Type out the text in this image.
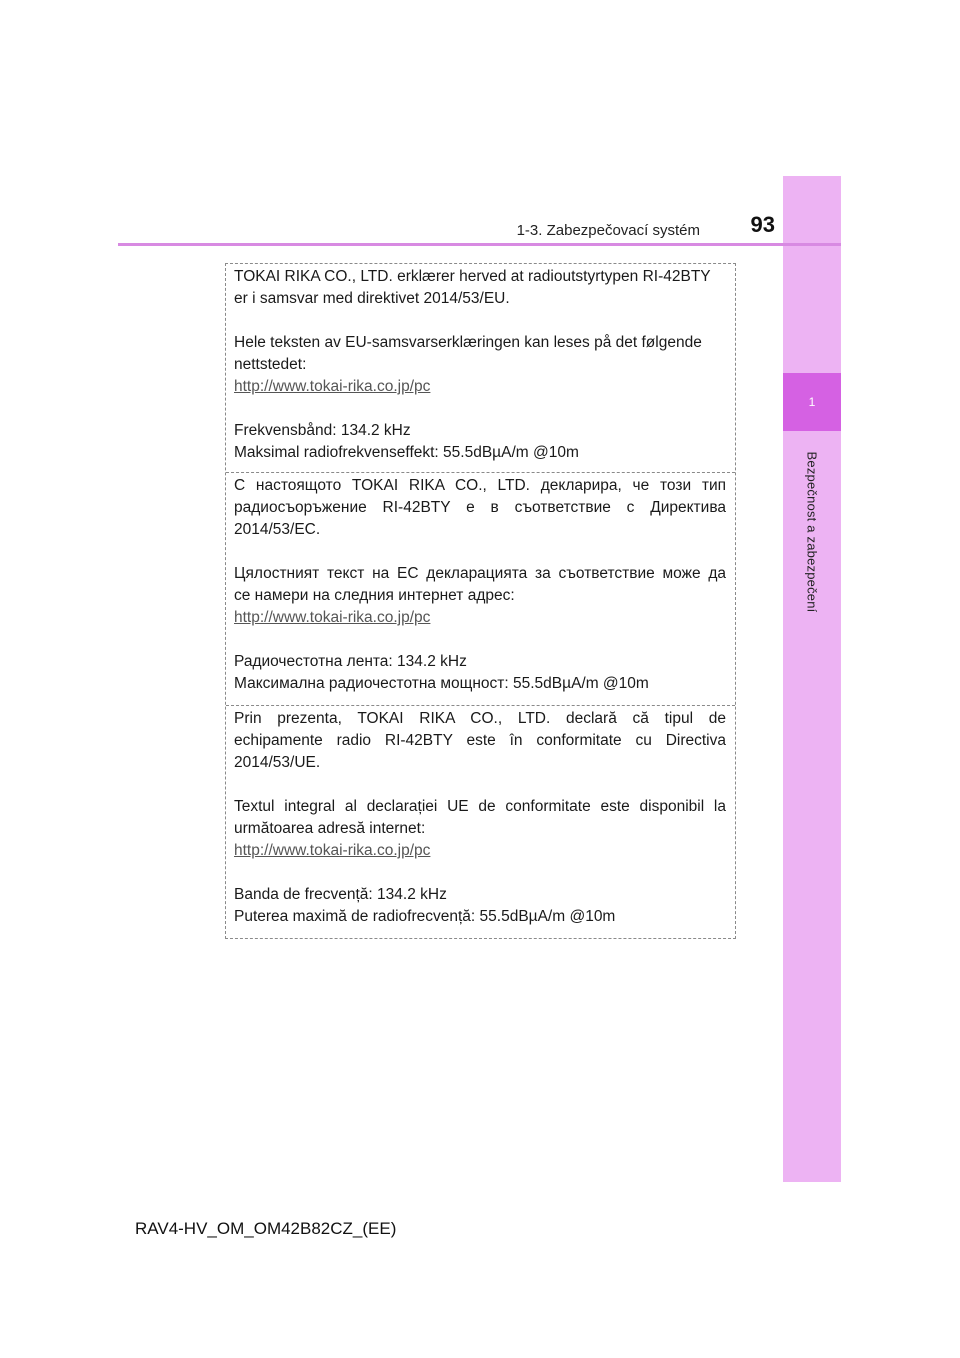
1
Bezpečnost a zabezpečení
1-3. Zabezpečovací systém	93

TOKAI RIKA CO., LTD. erklærer herved at radioutstyrtypen RI-42BTY

er i samsvar med direktivet 2014/53/EU.

Hele teksten av EU-samsvarserklæringen kan leses på det følgende

nettstedet:

http://www.tokai-rika.co.jp/pc

Frekvensbånd: 134.2 kHz

Maksimal radiofrekvenseffekt: 55.5dBµA/m @10m

С настоящото TOKAI RIKA CO., LTD. декларира, че този тип

радиосъоръжение RI-42BTY е в съответствие с Директива

2014/53/ЕС.

Цялостният текст на ЕС декларацията за съответствие може да

се намери на следния интернет адрес:

http://www.tokai-rika.co.jp/pc

Радиочестотна лента: 134.2 kHz

Максимална радиочестотна мощност: 55.5dBµA/m @10m

Prin prezenta, TOKAI RIKA CO., LTD. declară că tipul de

echipamente radio RI-42BTY este în conformitate cu Directiva

2014/53/UE.

Textul integral al declarației UE de conformitate este disponibil la

următoarea adresă internet:

http://www.tokai-rika.co.jp/pc

Banda de frecvență: 134.2 kHz

Puterea maximă de radiofrecvență: 55.5dBµA/m @10m

RAV4-HV_OM_OM42B82CZ_(EE)
